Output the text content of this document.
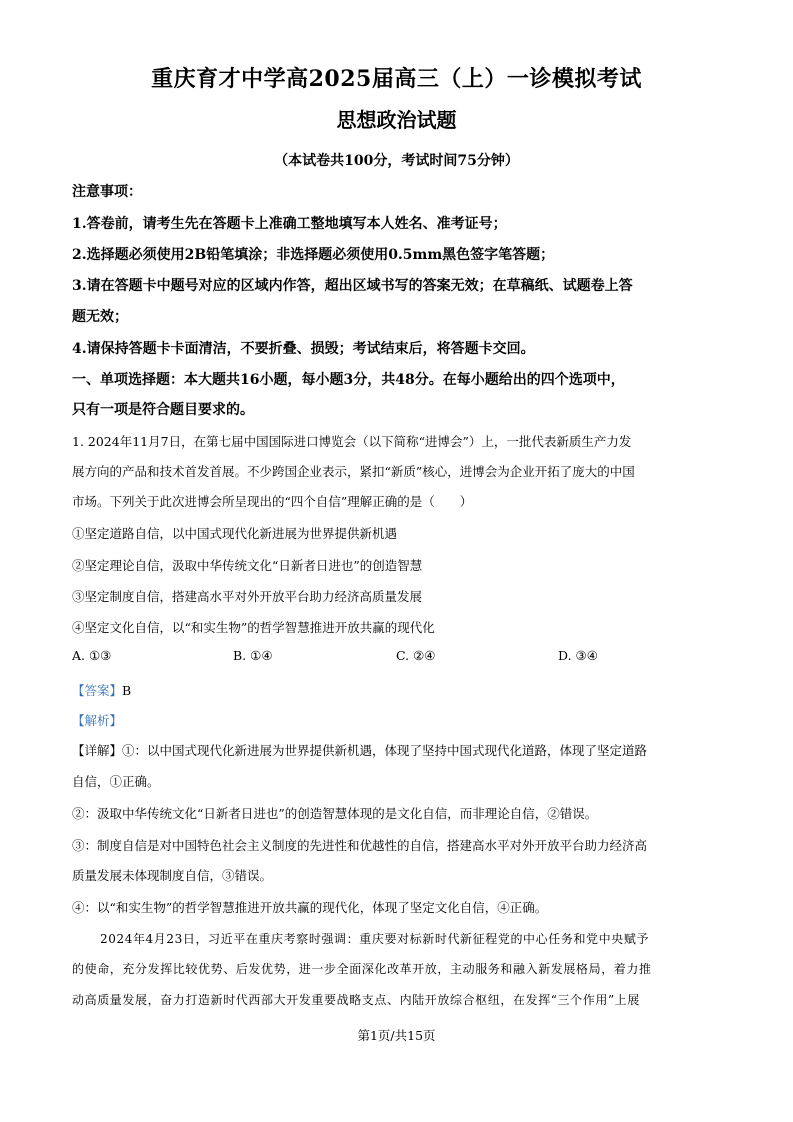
重庆育才中学高2025届高三（上）一诊模拟考试
思想政治试题
（本试卷共100分，考试时间75分钟）
注意事项：
1.答卷前，请考生先在答题卡上准确工整地填写本人姓名、准考证号；
2.选择题必须使用2B铅笔填涂；非选择题必须使用0.5mm黑色签字笔答题；
3.请在答题卡中题号对应的区域内作答，超出区域书写的答案无效；在草稿纸、试题卷上答
题无效；
4.请保持答题卡卡面清洁，不要折叠、损毁；考试结束后，将答题卡交回。
一、单项选择题：本大题共16小题，每小题3分，共48分。在每小题给出的四个选项中，
只有一项是符合题目要求的。
1. 2024年11月7日，在第七届中国国际进口博览会（以下简称“进博会”）上，一批代表新质生产力发
展方向的产品和技术首发首展。不少跨国企业表示，紧扣“新质”核心，进博会为企业开拓了庞大的中国
市场。下列关于此次进博会所呈现出的“四个自信”理解正确的是（　　）
①坚定道路自信，以中国式现代化新进展为世界提供新机遇
②坚定理论自信，汲取中华传统文化“日新者日进也”的创造智慧
③坚定制度自信，搭建高水平对外开放平台助力经济高质量发展
④坚定文化自信，以“和实生物”的哲学智慧推进开放共赢的现代化
A. ①③	B. ①④	C. ②④	D. ③④
【答案】B
【解析】
【详解】①：以中国式现代化新进展为世界提供新机遇，体现了坚持中国式现代化道路，体现了坚定道路
自信，①正确。
②：汲取中华传统文化“日新者日进也”的创造智慧体现的是文化自信，而非理论自信，②错误。
③：制度自信是对中国特色社会主义制度的先进性和优越性的自信，搭建高水平对外开放平台助力经济高
质量发展未体现制度自信，③错误。
④：以“和实生物”的哲学智慧推进开放共赢的现代化，体现了坚定文化自信，④正确。
2024年4月23日，习近平在重庆考察时强调：重庆要对标新时代新征程党的中心任务和党中央赋予
的使命，充分发挥比较优势、后发优势，进一步全面深化改革开放，主动服务和融入新发展格局，着力推
动高质量发展，奋力打造新时代西部大开发重要战略支点、内陆开放综合枢纽，在发挥“三个作用”上展
第1页/共15页
